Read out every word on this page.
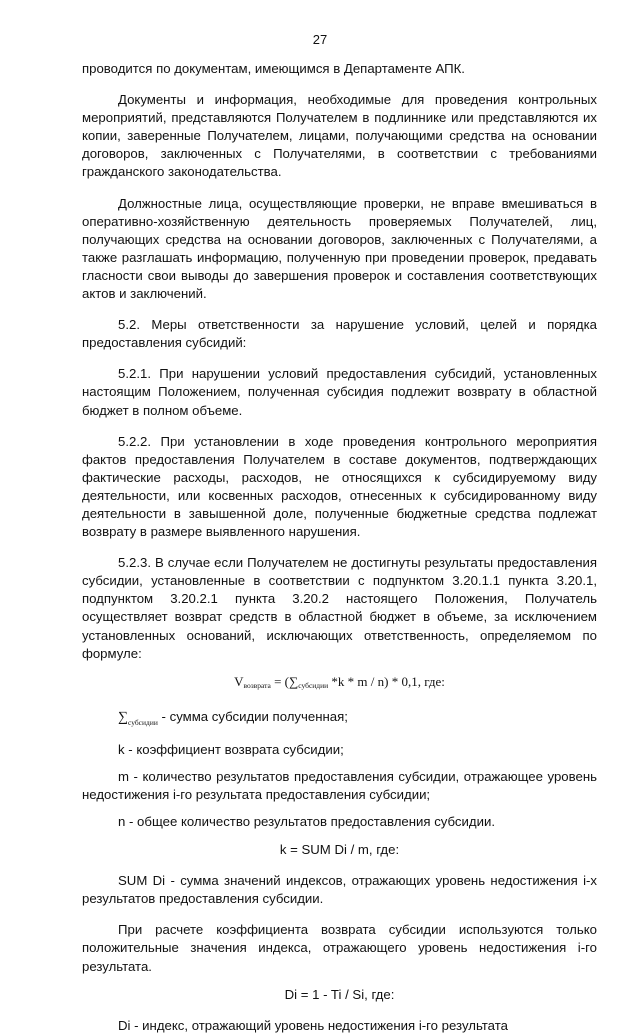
27

проводится по документам, имеющимся в Департаменте АПК.

Документы и информация, необходимые для проведения контрольных мероприятий, представляются Получателем в подлиннике или представляются их копии, заверенные Получателем, лицами, получающими средства на основании договоров, заключенных с Получателями, в соответствии с требованиями гражданского законодательства.

Должностные лица, осуществляющие проверки, не вправе вмешиваться в оперативно-хозяйственную деятельность проверяемых Получателей, лиц, получающих средства на основании договоров, заключенных с Получателями, а также разглашать информацию, полученную при проведении проверок, предавать гласности свои выводы до завершения проверок и составления соответствующих актов и заключений.

5.2. Меры ответственности за нарушение условий, целей и порядка предоставления субсидий:

5.2.1. При нарушении условий предоставления субсидий, установленных настоящим Положением, полученная субсидия подлежит возврату в областной бюджет в полном объеме.

5.2.2. При установлении в ходе проведения контрольного мероприятия фактов предоставления Получателем в составе документов, подтверждающих фактические расходы, расходов, не относящихся к субсидируемому виду деятельности, или косвенных расходов, отнесенных к субсидированному виду деятельности в завышенной доле, полученные бюджетные средства подлежат возврату в размере выявленного нарушения.

5.2.3. В случае если Получателем не достигнуты результаты предоставления субсидии, установленные в соответствии с подпунктом 3.20.1.1 пункта 3.20.1, подпунктом 3.20.2.1 пункта 3.20.2 настоящего Положения, Получатель осуществляет возврат средств в областной бюджет в объеме, за исключением установленных оснований, исключающих ответственность, определяемом по формуле:

$V_{возврата} = (\sum_{субсидии}$ *k * m / n) * 0,1, где:

$\sum_{субсидии}$ - сумма субсидии полученная;

k - коэффициент возврата субсидии;

m - количество результатов предоставления субсидии, отражающее уровень недостижения i-го результата предоставления субсидии;

n - общее количество результатов предоставления субсидии.

k = SUM Di / m, где:

SUM Di - сумма значений индексов, отражающих уровень недостижения i-х результатов предоставления субсидии.

При расчете коэффициента возврата субсидии используются только положительные значения индекса, отражающего уровень недостижения i-го результата.

Di = 1 - Ti / Si, где:

Di - индекс, отражающий уровень недостижения i-го результата
